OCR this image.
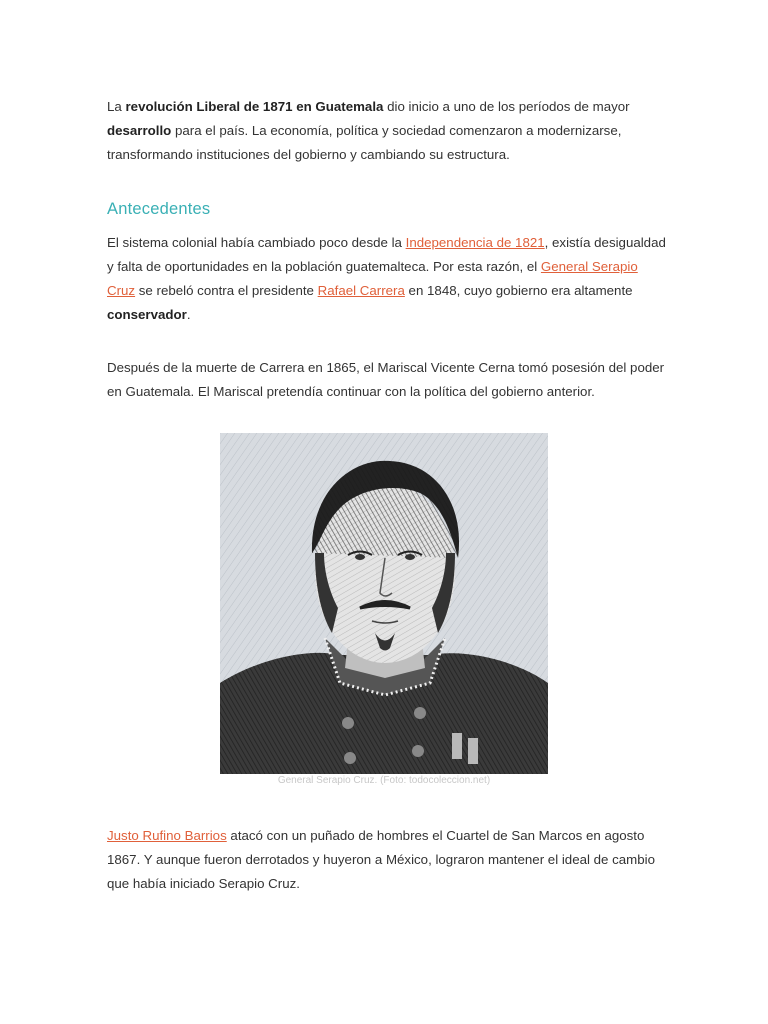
La revolución Liberal de 1871 en Guatemala dio inicio a uno de los períodos de mayor desarrollo para el país. La economía, política y sociedad comenzaron a modernizarse, transformando instituciones del gobierno y cambiando su estructura.

Antecedentes

El sistema colonial había cambiado poco desde la Independencia de 1821, existía desigualdad y falta de oportunidades en la población guatemalteca. Por esta razón, el General Serapio Cruz se rebeló contra el presidente Rafael Carrera en 1848, cuyo gobierno era altamente conservador.

Después de la muerte de Carrera en 1865, el Mariscal Vicente Cerna tomó posesión del poder en Guatemala. El Mariscal pretendía continuar con la política del gobierno anterior.

General Serapio Cruz. (Foto: todocoleccion.net)

Justo Rufino Barrios atacó con un puñado de hombres el Cuartel de San Marcos en agosto 1867. Y aunque fueron derrotados y huyeron a México, lograron mantener el ideal de cambio que había iniciado Serapio Cruz.
